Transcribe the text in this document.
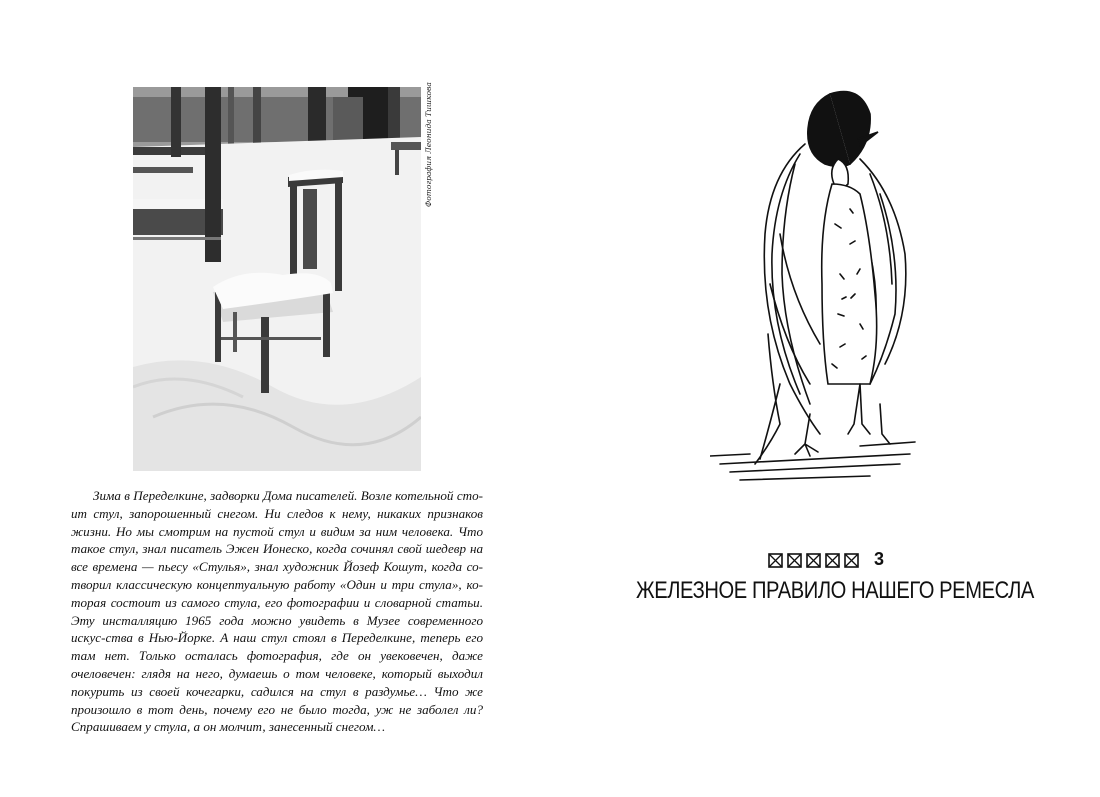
Фотография Леонида Тишкова

Зима в Переделкине, задворки Дома писателей. Возле котельной сто-ит стул, запорошенный снегом. Ни следов к нему, никаких признаков жизни. Но мы смотрим на пустой стул и видим за ним человека. Что такое стул, знал писатель Эжен Ионеско, когда сочинял свой шедевр на все времена — пьесу «Стулья», знал художник Йозеф Кошут, когда со-творил классическую концептуальную работу «Один и три стула», ко-торая состоит из самого стула, его фотографии и словарной статьи. Эту инсталляцию 1965 года можно увидеть в Музее современного искус-ства в Нью-Йорке. А наш стул стоял в Переделкине, теперь его там нет. Только осталась фотография, где он увековечен, даже очеловечен: глядя на него, думаешь о том человеке, который выходил покурить из своей кочегарки, садился на стул в раздумье… Что же произошло в тот день, почему его не было тогда, уж не заболел ли? Спрашиваем у стула, а он молчит, занесенный снегом…

3
ЖЕЛЕЗНОЕ ПРАВИЛО НАШЕГО РЕМЕСЛА
